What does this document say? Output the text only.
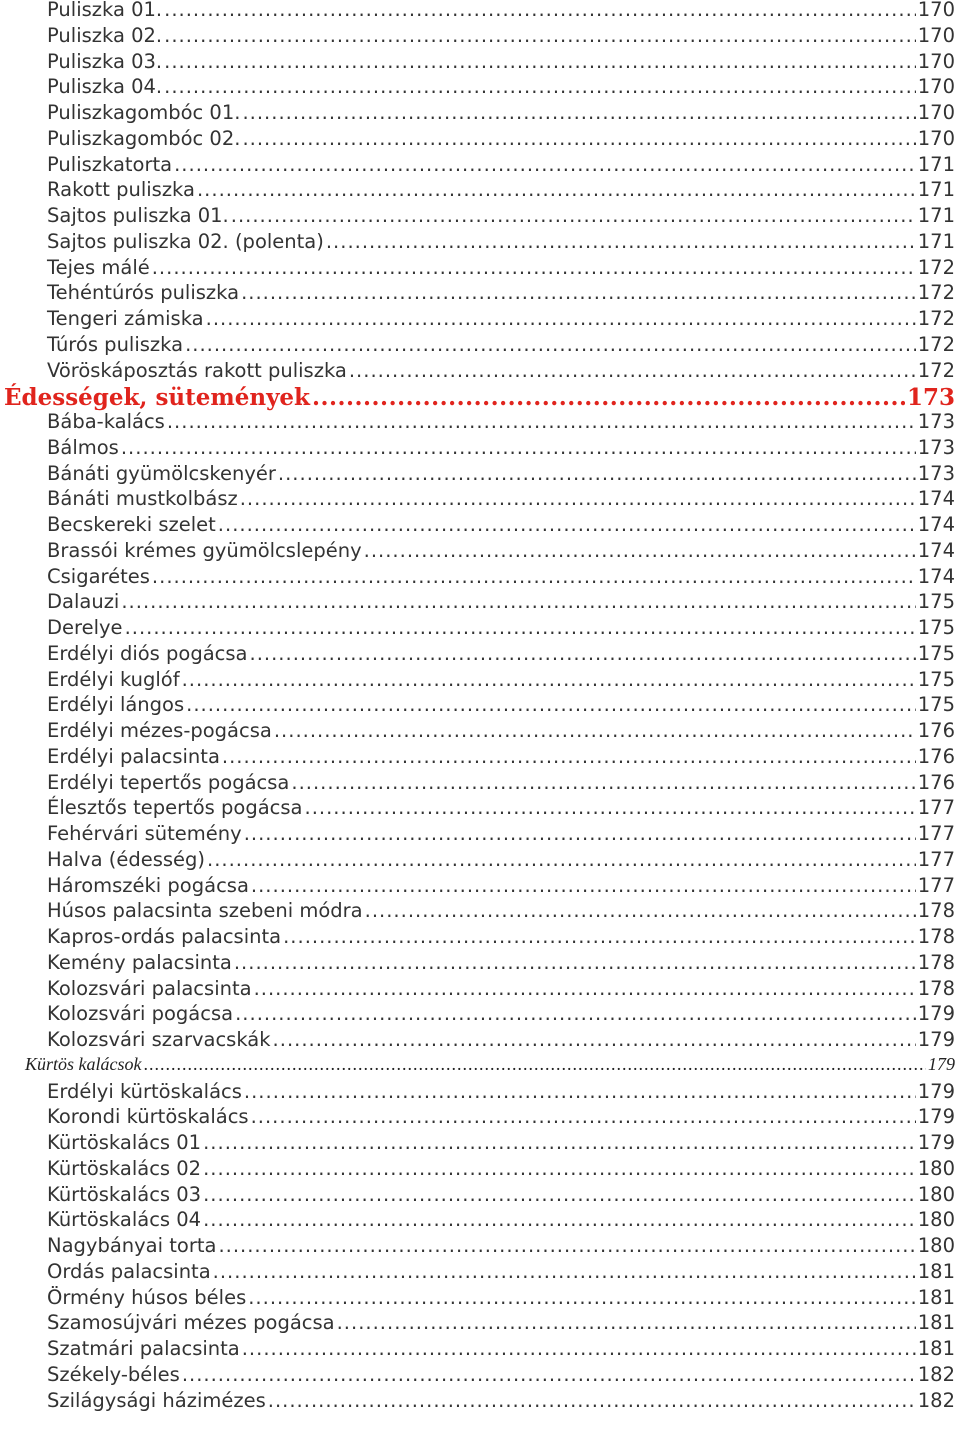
Puliszka 01. .....	170
Puliszka 02. .....	170
Puliszka 03. .....	170
Puliszka 04. .....	170
Puliszkagombóc 01. .....	170
Puliszkagombóc 02. .....	170
Puliszkatorta .....	171
Rakott puliszka .....	171
Sajtos puliszka 01. .....	171
Sajtos puliszka 02. (polenta) .....	171
Tejes málé .....	172
Tehéntúrós puliszka .....	172
Tengeri zámiska .....	172
Túrós puliszka .....	172
Vöröskáposztás rakott puliszka .....	172
Édességek, sütemények .....	173
Bába-kalács .....	173
Bálmos .....	173
Bánáti gyümölcskenyér .....	173
Bánáti mustkolbász .....	174
Becskereki szelet .....	174
Brassói krémes gyümölcslepény .....	174
Csigarétes .....	174
Dalauzi .....	175
Derelye .....	175
Erdélyi diós pogácsa .....	175
Erdélyi kuglóf .....	175
Erdélyi lángos .....	175
Erdélyi mézes-pogácsa .....	176
Erdélyi palacsinta .....	176
Erdélyi tepertős pogácsa .....	176
Élesztős tepertős pogácsa .....	177
Fehérvári sütemény .....	177
Halva (édesség) .....	177
Háromszéki pogácsa .....	177
Húsos palacsinta szebeni módra .....	178
Kapros-ordás palacsinta .....	178
Kemény palacsinta .....	178
Kolozsvári palacsinta .....	178
Kolozsvári pogácsa .....	179
Kolozsvári szarvacskák .....	179
Kürtös kalácsok .....	179
Erdélyi kürtöskalács .....	179
Korondi kürtöskalács .....	179
Kürtöskalács 01 .....	179
Kürtöskalács 02 .....	180
Kürtöskalács 03 .....	180
Kürtöskalács 04 .....	180
Nagybányai torta .....	180
Ordás palacsinta .....	181
Örmény húsos béles .....	181
Szamosújvári mézes pogácsa .....	181
Szatmári palacsinta .....	181
Székely-béles .....	182
Szilágysági házimézes .....	182
